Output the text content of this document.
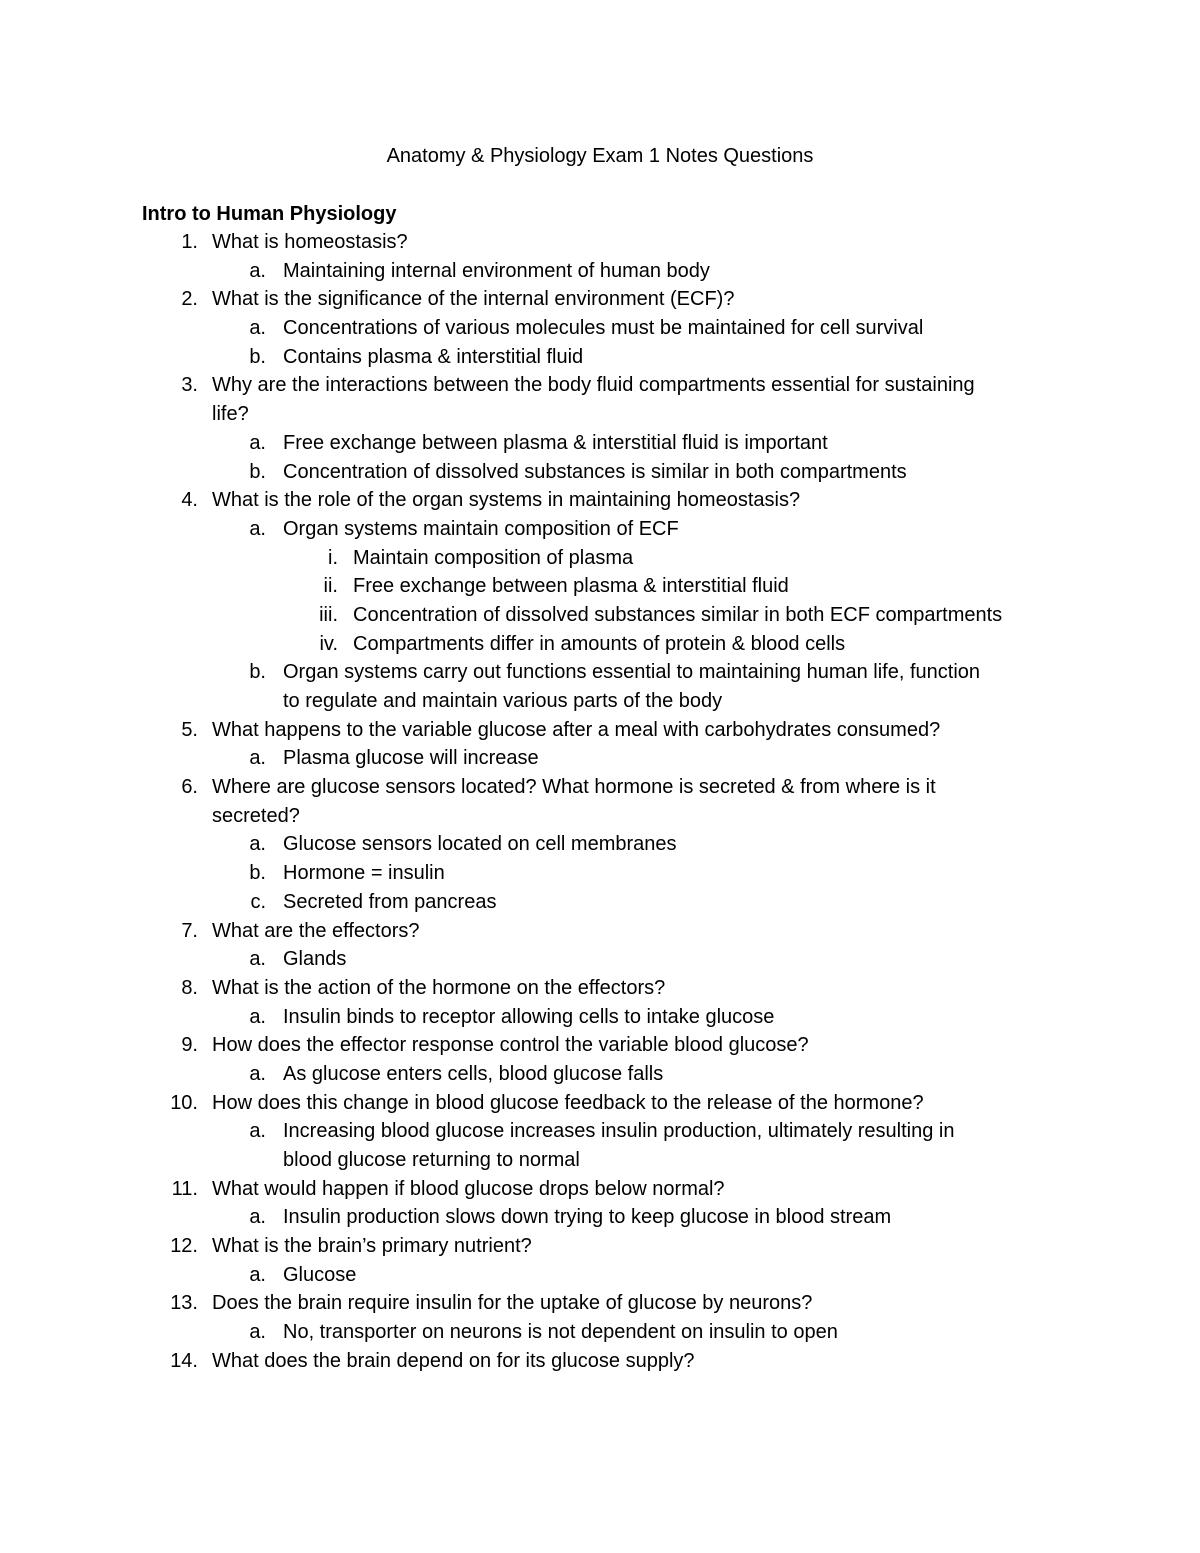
Anatomy & Physiology Exam 1 Notes Questions
Intro to Human Physiology
1. What is homeostasis?
a. Maintaining internal environment of human body
2. What is the significance of the internal environment (ECF)?
a. Concentrations of various molecules must be maintained for cell survival
b. Contains plasma & interstitial fluid
3. Why are the interactions between the body fluid compartments essential for sustaining
life?
a. Free exchange between plasma & interstitial fluid is important
b. Concentration of dissolved substances is similar in both compartments
4. What is the role of the organ systems in maintaining homeostasis?
a. Organ systems maintain composition of ECF
i. Maintain composition of plasma
ii. Free exchange between plasma & interstitial fluid
iii. Concentration of dissolved substances similar in both ECF compartments
iv. Compartments differ in amounts of protein & blood cells
b. Organ systems carry out functions essential to maintaining human life, function
to regulate and maintain various parts of the body
5. What happens to the variable glucose after a meal with carbohydrates consumed?
a. Plasma glucose will increase
6. Where are glucose sensors located? What hormone is secreted & from where is it
secreted?
a. Glucose sensors located on cell membranes
b. Hormone = insulin
c. Secreted from pancreas
7. What are the effectors?
a. Glands
8. What is the action of the hormone on the effectors?
a. Insulin binds to receptor allowing cells to intake glucose
9. How does the effector response control the variable blood glucose?
a. As glucose enters cells, blood glucose falls
10. How does this change in blood glucose feedback to the release of the hormone?
a. Increasing blood glucose increases insulin production, ultimately resulting in
blood glucose returning to normal
11. What would happen if blood glucose drops below normal?
a. Insulin production slows down trying to keep glucose in blood stream
12. What is the brain’s primary nutrient?
a. Glucose
13. Does the brain require insulin for the uptake of glucose by neurons?
a. No, transporter on neurons is not dependent on insulin to open
14. What does the brain depend on for its glucose supply?
